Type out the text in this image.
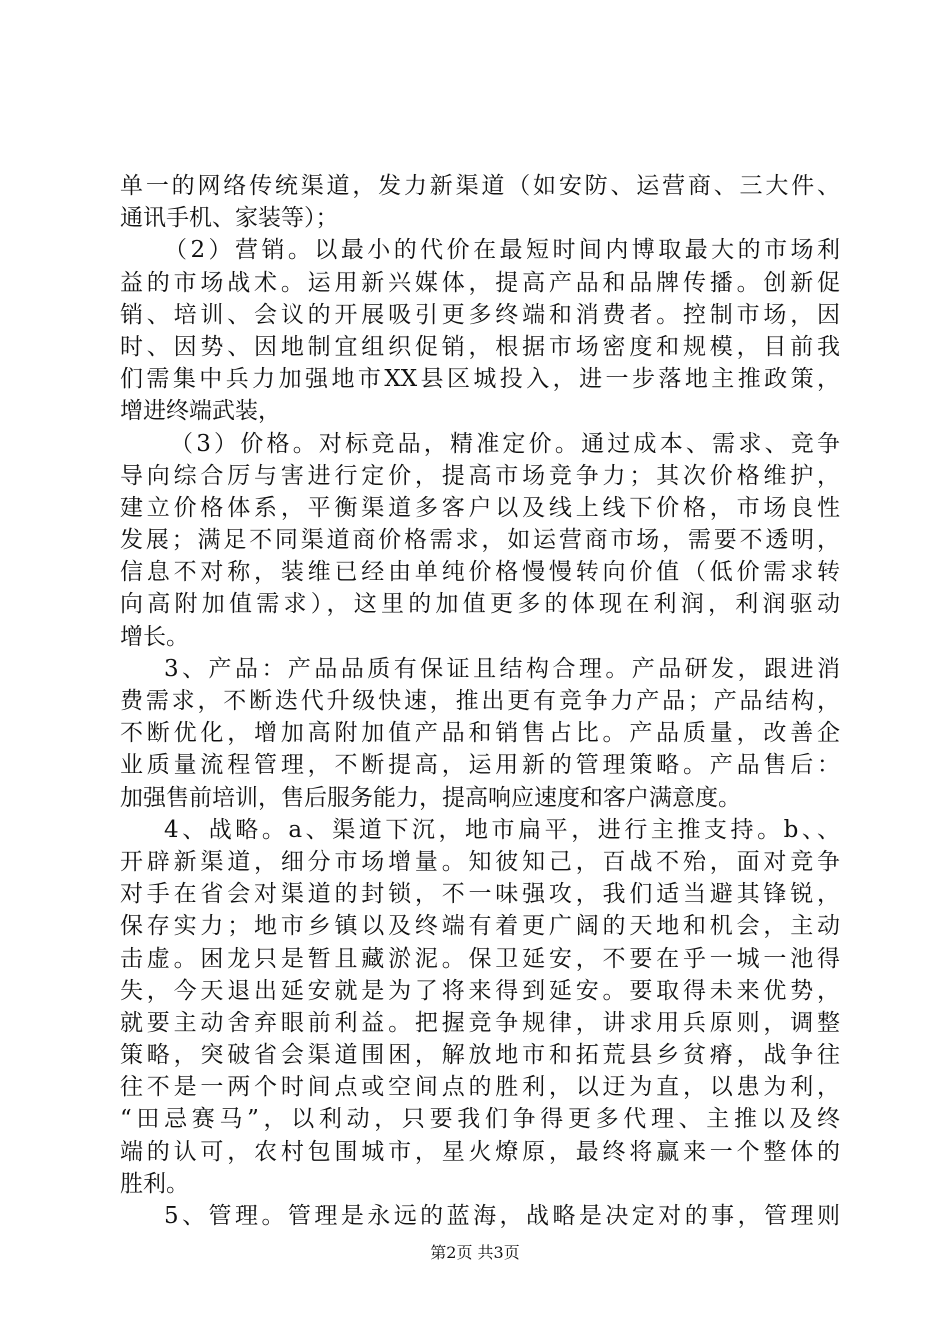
单一的网络传统渠道，发力新渠道（如安防、运营商、三大件、
通讯手机、家装等）；
（2）营销。以最小的代价在最短时间内博取最大的市场利
益的市场战术。运用新兴媒体，提高产品和品牌传播。创新促
销、培训、会议的开展吸引更多终端和消费者。控制市场，因
时、因势、因地制宜组织促销，根据市场密度和规模，目前我
们需集中兵力加强地市XX县区城投入，进一步落地主推政策，
增进终端武装，
（3）价格。对标竞品，精准定价。通过成本、需求、竞争
导向综合厉与害进行定价，提高市场竞争力；其次价格维护，
建立价格体系，平衡渠道多客户以及线上线下价格，市场良性
发展；满足不同渠道商价格需求，如运营商市场，需要不透明，
信息不对称，装维已经由单纯价格慢慢转向价值（低价需求转
向高附加值需求），这里的加值更多的体现在利润，利润驱动
增长。
3、产品：产品品质有保证且结构合理。产品研发，跟进消
费需求，不断迭代升级快速，推出更有竞争力产品；产品结构，
不断优化，增加高附加值产品和销售占比。产品质量，改善企
业质量流程管理，不断提高，运用新的管理策略。产品售后：
加强售前培训，售后服务能力，提高响应速度和客户满意度。
4、战略。a、渠道下沉，地市扁平，进行主推支持。b、、
开辟新渠道，细分市场增量。知彼知己，百战不殆，面对竞争
对手在省会对渠道的封锁，不一味强攻，我们适当避其锋锐，
保存实力；地市乡镇以及终端有着更广阔的天地和机会，主动
击虚。困龙只是暂且藏淤泥。保卫延安，不要在乎一城一池得
失，今天退出延安就是为了将来得到延安。要取得未来优势，
就要主动舍弃眼前利益。把握竞争规律，讲求用兵原则，调整
策略，突破省会渠道围困，解放地市和拓荒县乡贫瘠，战争往
往不是一两个时间点或空间点的胜利，以迂为直，以患为利，
“田忌赛马”，以利动，只要我们争得更多代理、主推以及终
端的认可，农村包围城市，星火燎原，最终将赢来一个整体的
胜利。
5、管理。管理是永远的蓝海，战略是决定对的事，管理则
第2页 共3页
